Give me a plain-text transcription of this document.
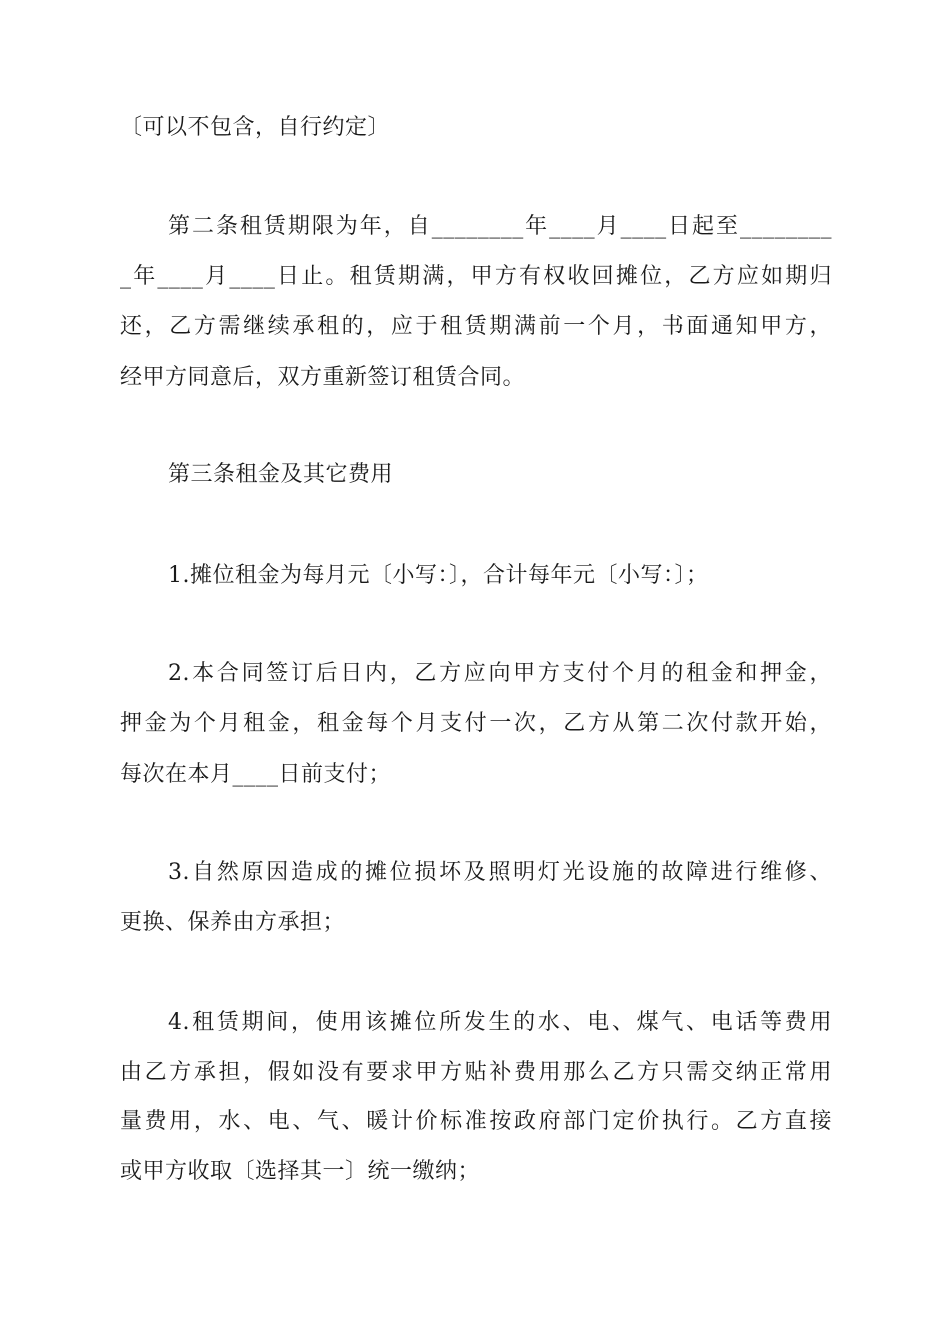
〔可以不包含，自行约定〕
第二条租赁期限为年，自________年____月____日起至________
_年____月____日止。租赁期满，甲方有权收回摊位，乙方应如期归
还，乙方需继续承租的，应于租赁期满前一个月，书面通知甲方，
经甲方同意后，双方重新签订租赁合同。
第三条租金及其它费用
1.摊位租金为每月元〔小写：〕，合计每年元〔小写：〕；
2.本合同签订后日内，乙方应向甲方支付个月的租金和押金，
押金为个月租金，租金每个月支付一次，乙方从第二次付款开始，
每次在本月____日前支付；
3.自然原因造成的摊位损坏及照明灯光设施的故障进行维修、
更换、保养由方承担；
4.租赁期间，使用该摊位所发生的水、电、煤气、电话等费用
由乙方承担，假如没有要求甲方贴补费用那么乙方只需交纳正常用
量费用，水、电、气、暖计价标准按政府部门定价执行。乙方直接
或甲方收取〔选择其一〕统一缴纳；
